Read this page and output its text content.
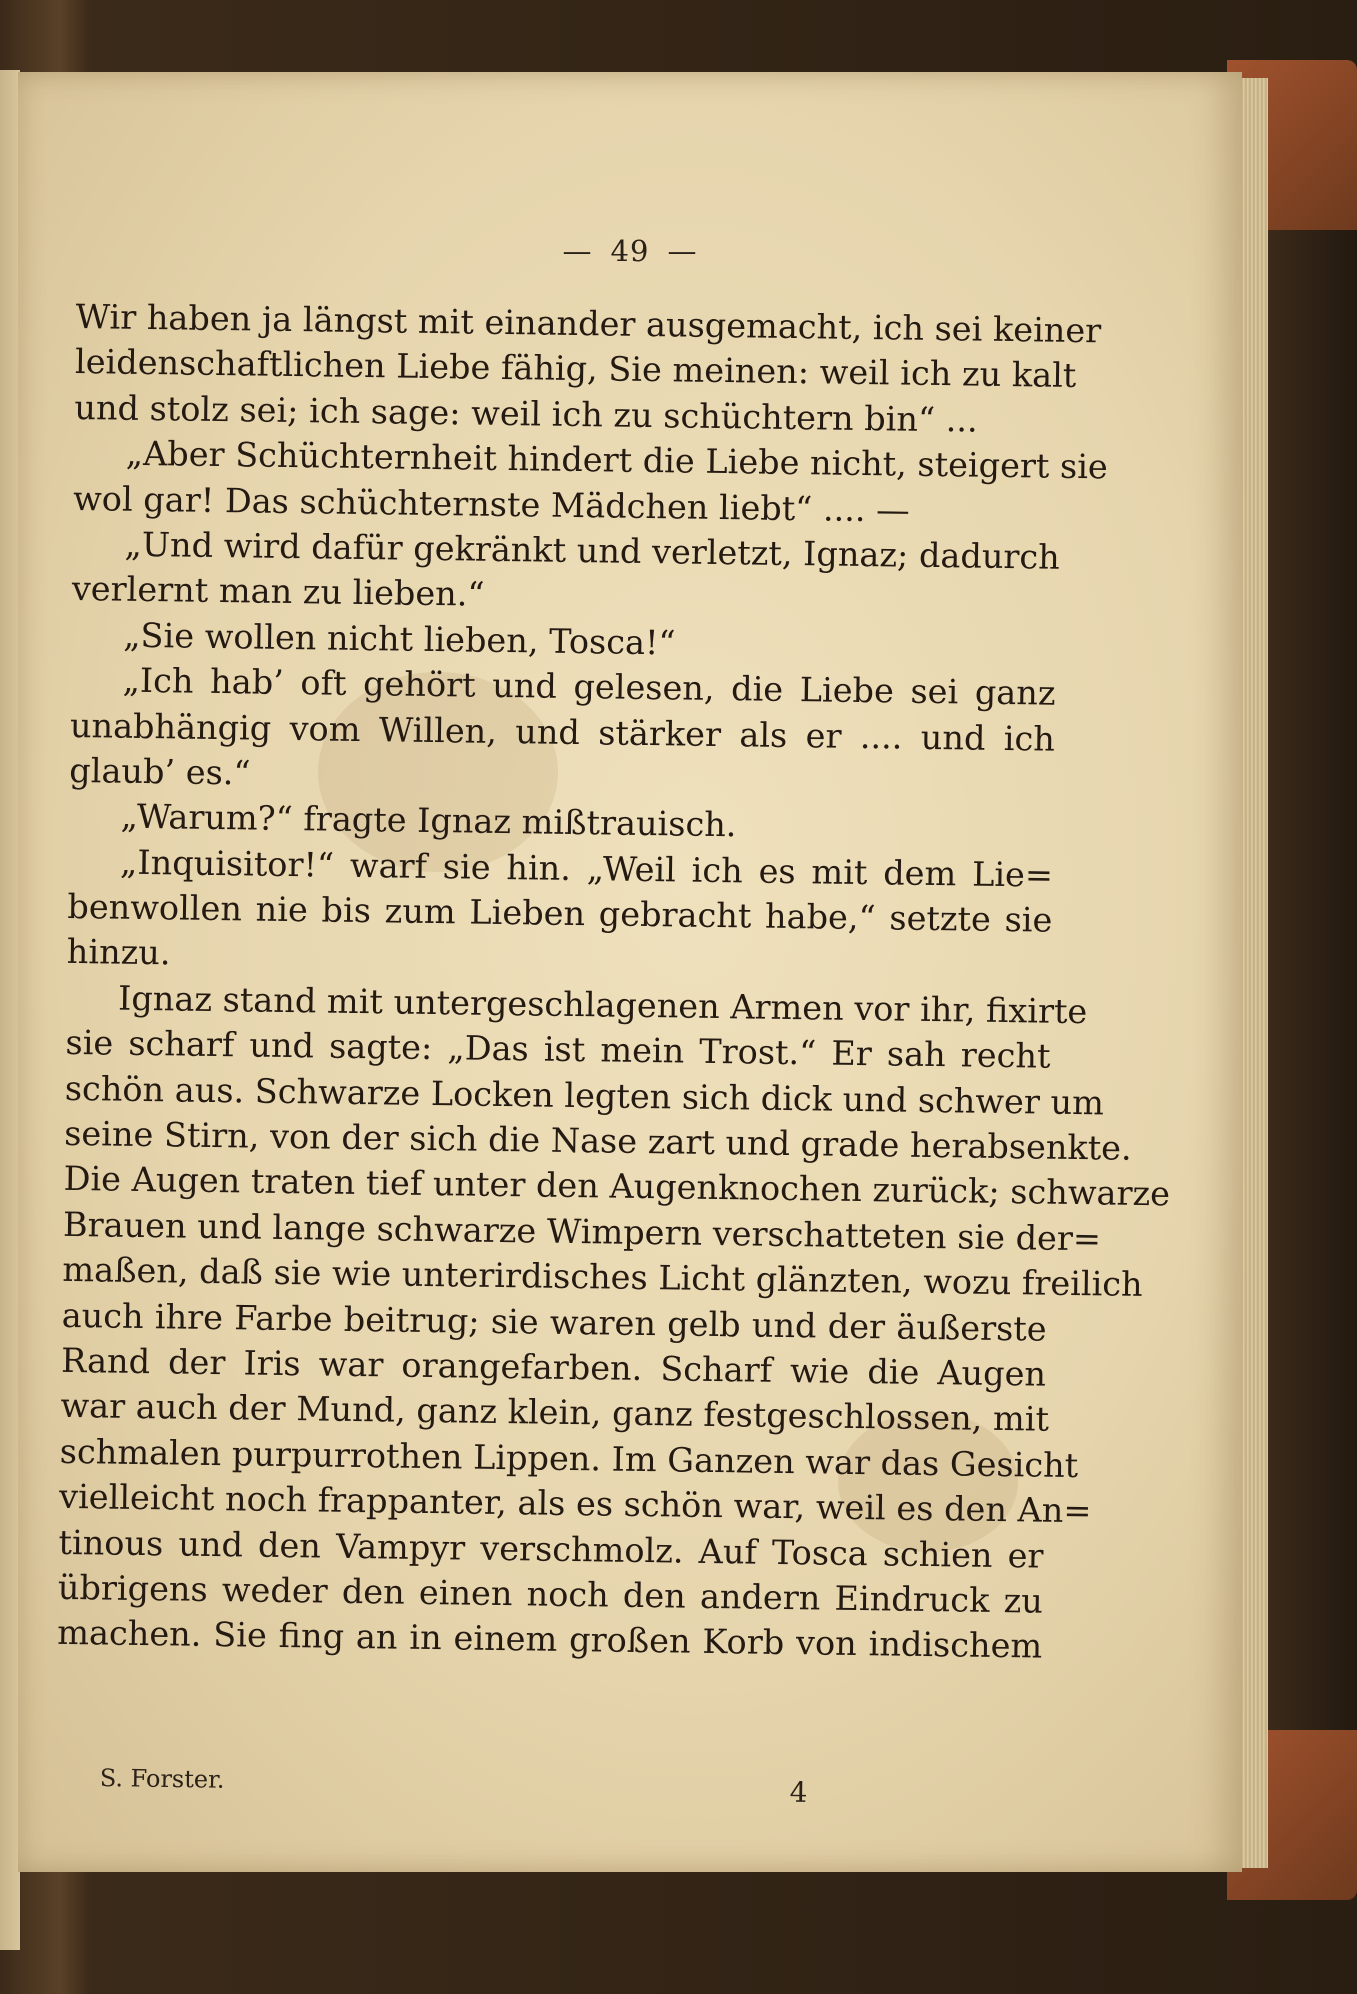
— 49 —
Wir haben ja längst mit einander ausgemacht, ich sei keiner
leidenschaftlichen Liebe fähig, Sie meinen: weil ich zu kalt
und stolz sei; ich sage: weil ich zu schüchtern bin“ ...
„Aber Schüchternheit hindert die Liebe nicht, steigert sie
wol gar! Das schüchternste Mädchen liebt“ .... —
„Und wird dafür gekränkt und verletzt, Ignaz; dadurch
verlernt man zu lieben.“
„Sie wollen nicht lieben, Tosca!“
„Ich hab’ oft gehört und gelesen, die Liebe sei ganz
unabhängig vom Willen, und stärker als er .... und ich
glaub’ es.“
„Warum?“ fragte Ignaz mißtrauisch.
„Inquisitor!“ warf sie hin. „Weil ich es mit dem Lie=
benwollen nie bis zum Lieben gebracht habe,“ setzte sie
hinzu.
Ignaz stand mit untergeschlagenen Armen vor ihr, fixirte
sie scharf und sagte: „Das ist mein Trost.“ Er sah recht
schön aus. Schwarze Locken legten sich dick und schwer um
seine Stirn, von der sich die Nase zart und grade herabsenkte.
Die Augen traten tief unter den Augenknochen zurück; schwarze
Brauen und lange schwarze Wimpern verschatteten sie der=
maßen, daß sie wie unterirdisches Licht glänzten, wozu freilich
auch ihre Farbe beitrug; sie waren gelb und der äußerste
Rand der Iris war orangefarben. Scharf wie die Augen
war auch der Mund, ganz klein, ganz festgeschlossen, mit
schmalen purpurrothen Lippen. Im Ganzen war das Gesicht
vielleicht noch frappanter, als es schön war, weil es den An=
tinous und den Vampyr verschmolz. Auf Tosca schien er
übrigens weder den einen noch den andern Eindruck zu
machen. Sie fing an in einem großen Korb von indischem
S. Forster.	4
